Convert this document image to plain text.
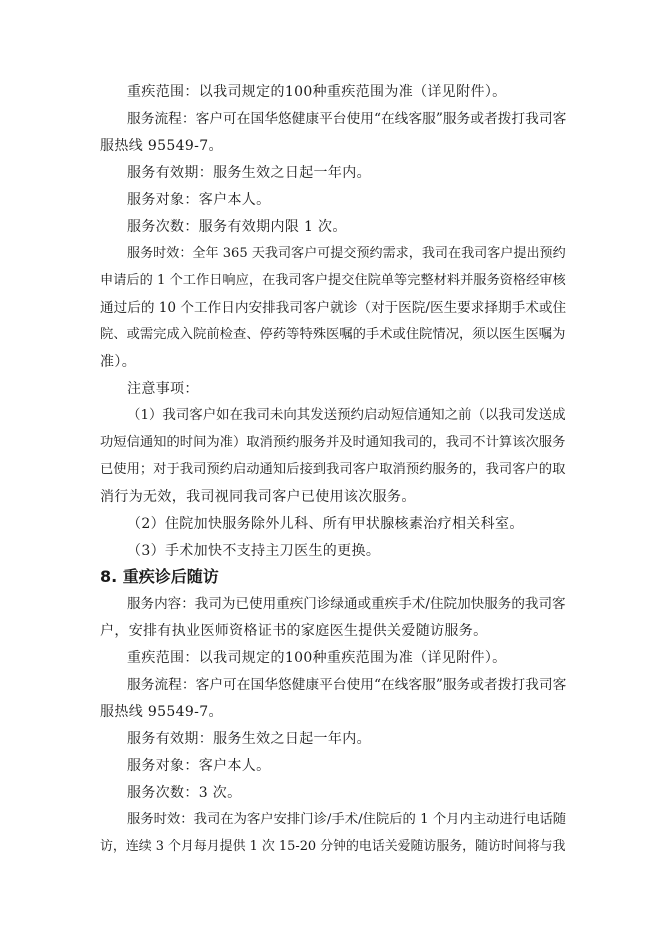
重疾范围：以我司规定的100种重疾范围为准（详见附件）。
服务流程：客户可在国华悠健康平台使用“在线客服”服务或者拨打我司客
服热线 95549-7。
服务有效期：服务生效之日起一年内。
服务对象：客户本人。
服务次数：服务有效期内限 1 次。
服务时效：全年 365 天我司客户可提交预约需求，我司在我司客户提出预约
申请后的 1 个工作日响应，在我司客户提交住院单等完整材料并服务资格经审核
通过后的 10 个工作日内安排我司客户就诊（对于医院/医生要求择期手术或住
院、或需完成入院前检查、停药等特殊医嘱的手术或住院情况，须以医生医嘱为
准）。
注意事项：
（1）我司客户如在我司未向其发送预约启动短信通知之前（以我司发送成
功短信通知的时间为准）取消预约服务并及时通知我司的，我司不计算该次服务
已使用；对于我司预约启动通知后接到我司客户取消预约服务的，我司客户的取
消行为无效，我司视同我司客户已使用该次服务。
（2）住院加快服务除外儿科、所有甲状腺核素治疗相关科室。
（3）手术加快不支持主刀医生的更换。
8. 重疾诊后随访
服务内容：我司为已使用重疾门诊绿通或重疾手术/住院加快服务的我司客
户，安排有执业医师资格证书的家庭医生提供关爱随访服务。
重疾范围：以我司规定的100种重疾范围为准（详见附件）。
服务流程：客户可在国华悠健康平台使用“在线客服”服务或者拨打我司客
服热线 95549-7。
服务有效期：服务生效之日起一年内。
服务对象：客户本人。
服务次数：3 次。
服务时效：我司在为客户安排门诊/手术/住院后的 1 个月内主动进行电话随
访，连续 3 个月每月提供 1 次 15-20 分钟的电话关爱随访服务，随访时间将与我
